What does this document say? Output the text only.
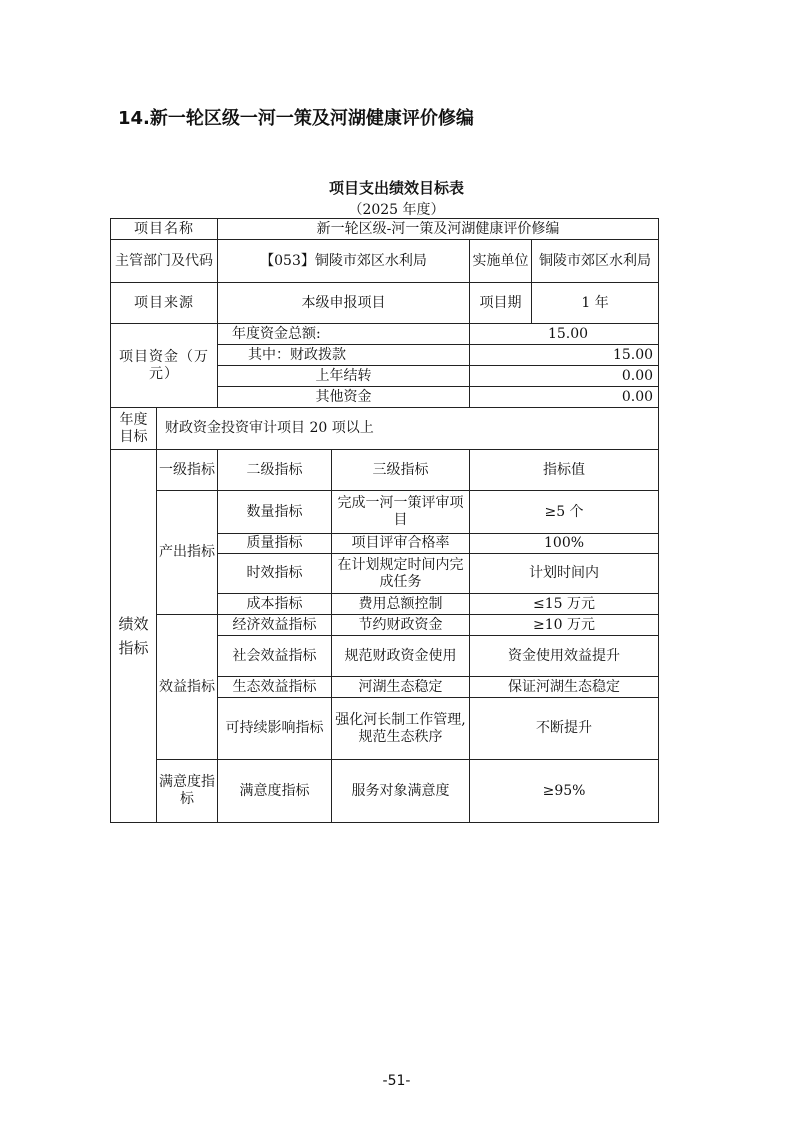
14.新一轮区级一河一策及河湖健康评价修编
项目支出绩效目标表
（2025 年度）
项目名称		新一轮区级-河一策及河湖健康评价修编			
主管部门及代码		【053】铜陵市郊区水利局		实施单位	铜陵市郊区水利局
项目来源		本级申报项目		项目期	1 年
项目资金（万元）		年度资金总额:		15.00	
		其中：财政拨款		15.00	
		上年结转		0.00	
		其他资金		0.00	
年度目标	财政资金投资审计项目 20 项以上				
绩效指标	一级指标	二级指标	三级指标	指标值	
	产出指标	数量指标	完成一河一策评审项目	≥5 个	
		质量指标	项目评审合格率	100%	
		时效指标	在计划规定时间内完成任务	计划时间内	
		成本指标	费用总额控制	≤15 万元	
	效益指标	经济效益指标	节约财政资金	≥10 万元	
		社会效益指标	规范财政资金使用	资金使用效益提升	
		生态效益指标	河湖生态稳定	保证河湖生态稳定	
		可持续影响指标	强化河长制工作管理,规范生态秩序	不断提升	
	满意度指标	满意度指标	服务对象满意度	≥95%	
-51-
